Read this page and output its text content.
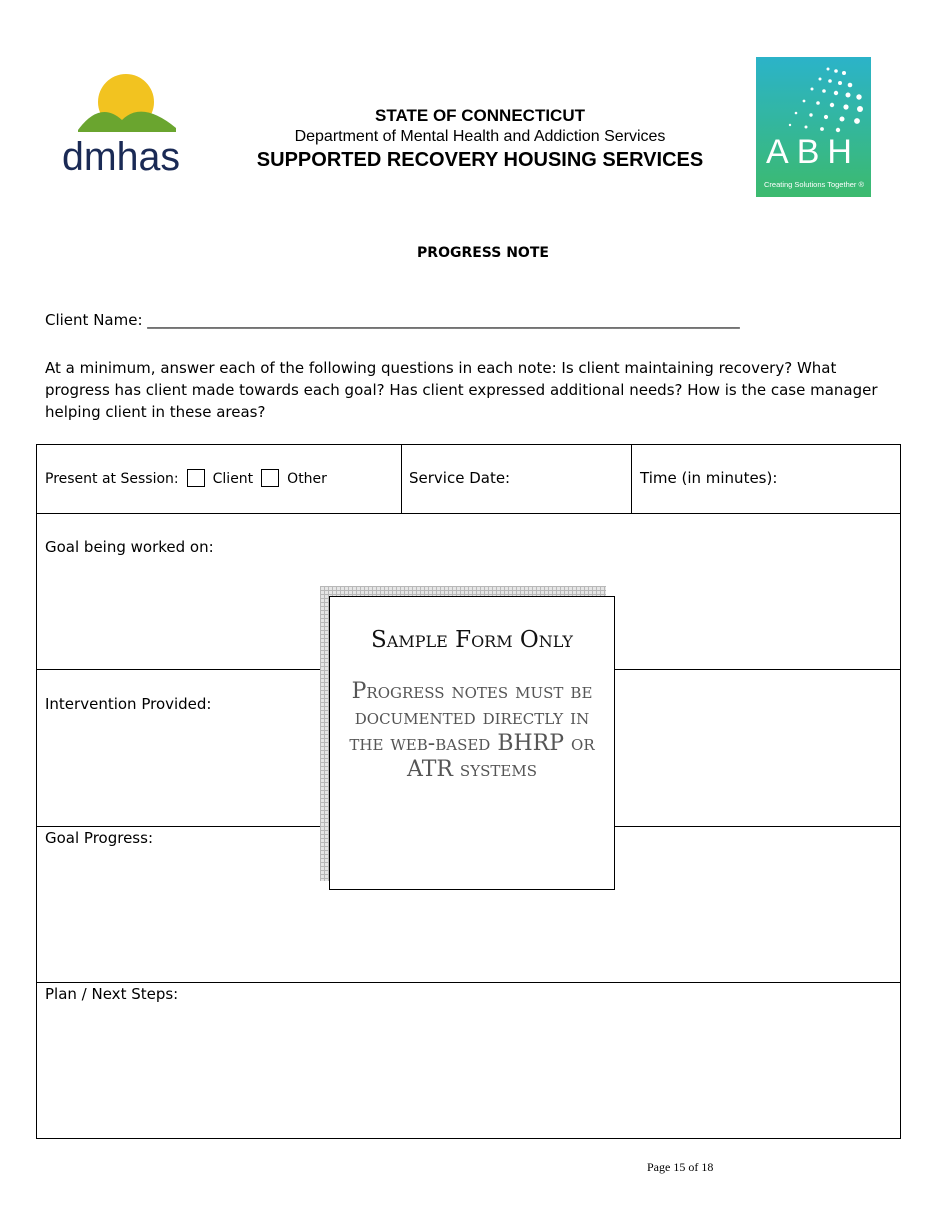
dmhas
STATE OF CONNECTICUT
Department of Mental Health and Addiction Services
SUPPORTED RECOVERY HOUSING SERVICES	ABH
Creating Solutions Together ®
PROGRESS NOTE
Client Name: _______________________________________________________________________________
At a minimum, answer each of the following questions in each note: Is client maintaining recovery? What progress has client made towards each goal? Has client expressed additional needs? How is the case manager helping client in these areas?
Present at Session: Client Other	Service Date:	Time (in minutes):
Goal being worked on:
Intervention Provided:
Goal Progress:
Plan / Next Steps:
Sample Form Only
Progress notes must be documented directly in the web-based BHRP or ATR systems
Page 15 of 18
